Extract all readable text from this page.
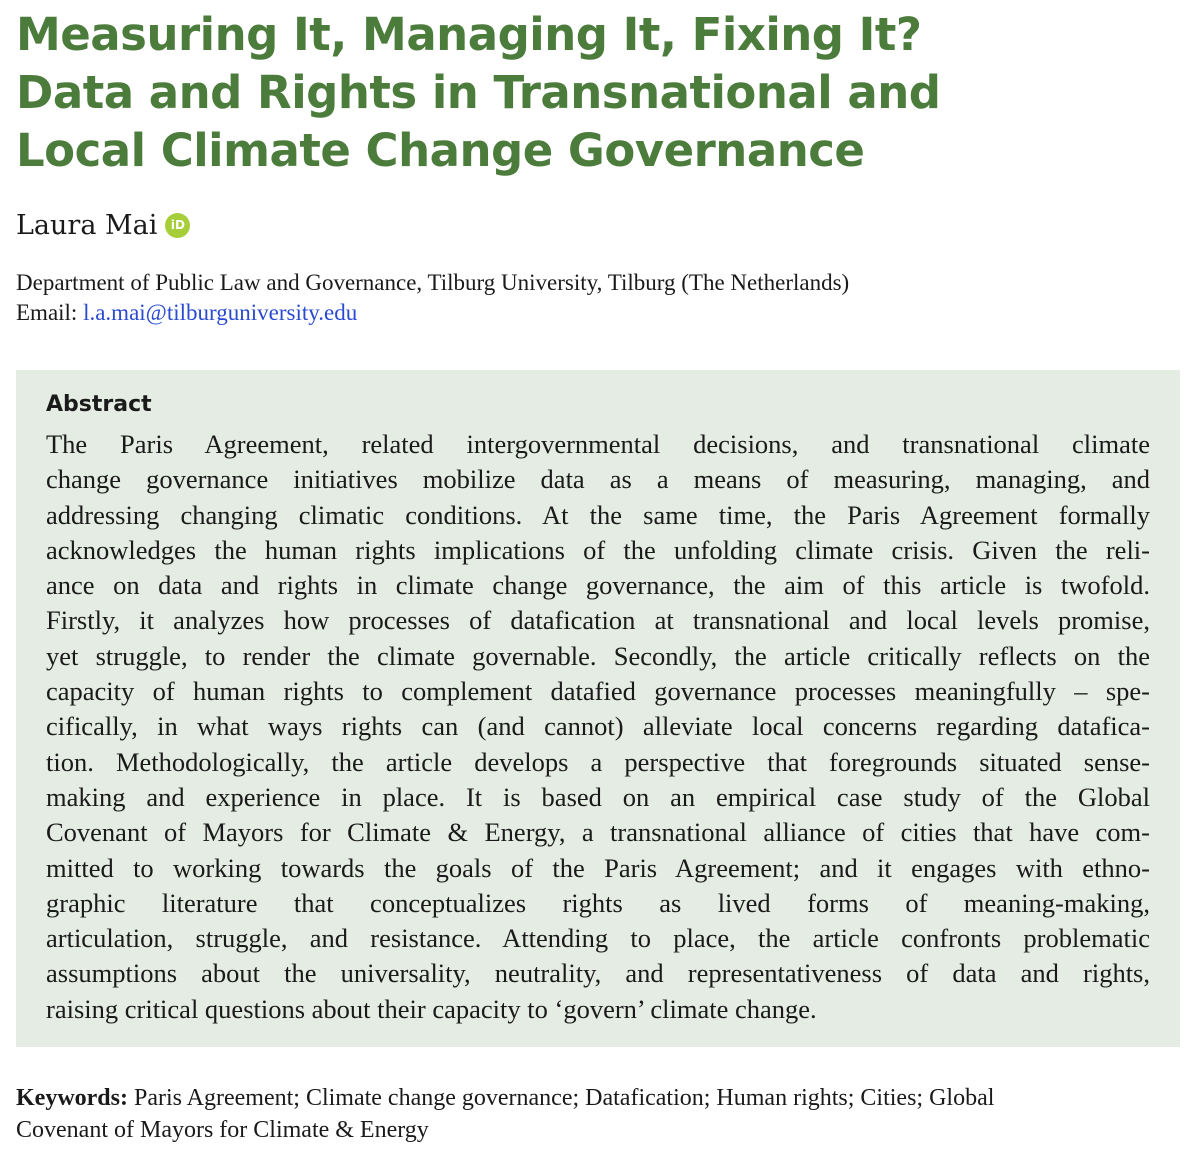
Measuring It, Managing It, Fixing It?
Data and Rights in Transnational and
Local Climate Change Governance
Laura Mai	iD
Department of Public Law and Governance, Tilburg University, Tilburg (The Netherlands)
Email: l.a.mai@tilburguniversity.edu
Abstract
The Paris Agreement, related intergovernmental decisions, and transnational climate
change governance initiatives mobilize data as a means of measuring, managing, and
addressing changing climatic conditions. At the same time, the Paris Agreement formally
acknowledges the human rights implications of the unfolding climate crisis. Given the reli-
ance on data and rights in climate change governance, the aim of this article is twofold.
Firstly, it analyzes how processes of datafication at transnational and local levels promise,
yet struggle, to render the climate governable. Secondly, the article critically reflects on the
capacity of human rights to complement datafied governance processes meaningfully – spe-
cifically, in what ways rights can (and cannot) alleviate local concerns regarding datafica-
tion. Methodologically, the article develops a perspective that foregrounds situated sense-
making and experience in place. It is based on an empirical case study of the Global
Covenant of Mayors for Climate & Energy, a transnational alliance of cities that have com-
mitted to working towards the goals of the Paris Agreement; and it engages with ethno-
graphic literature that conceptualizes rights as lived forms of meaning-making,
articulation, struggle, and resistance. Attending to place, the article confronts problematic
assumptions about the universality, neutrality, and representativeness of data and rights,
raising critical questions about their capacity to ‘govern’ climate change.
Keywords: Paris Agreement; Climate change governance; Datafication; Human rights; Cities; Global
Covenant of Mayors for Climate & Energy
